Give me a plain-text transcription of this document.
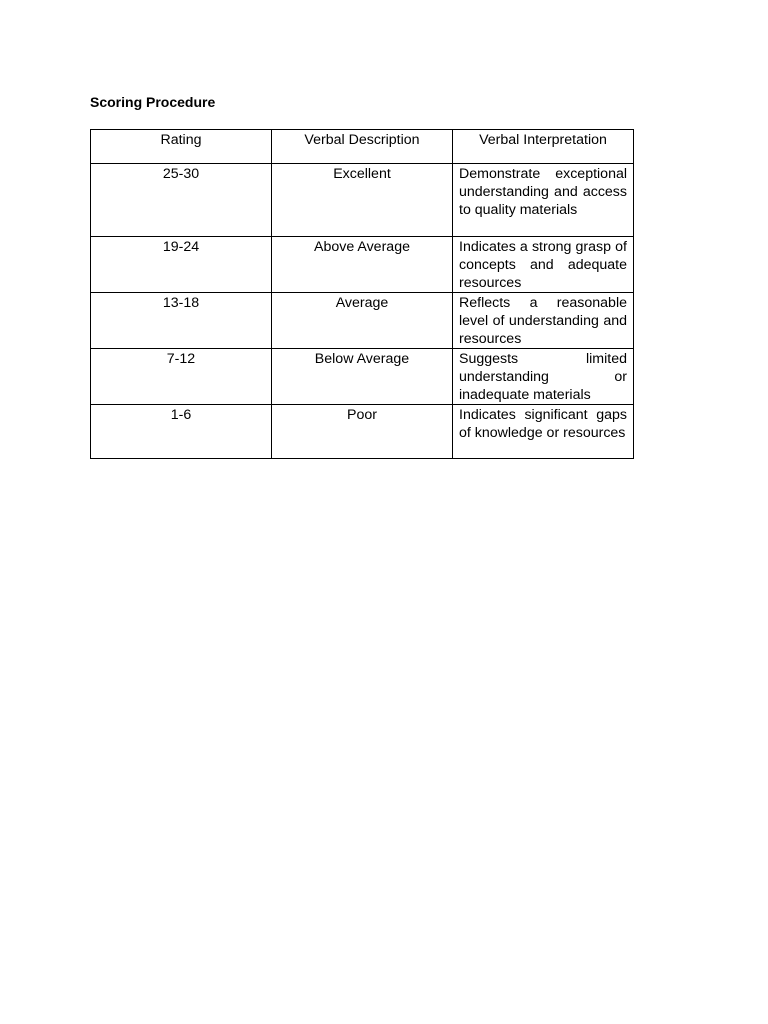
Scoring Procedure
Rating	Verbal Description	Verbal Interpretation
25-30	Excellent	Demonstrate exceptional understanding and access to quality materials
19-24	Above Average	Indicates a strong grasp of concepts and adequate resources
13-18	Average	Reflects a reasonable level of understanding and resources
7-12	Below Average	Suggests limited understanding or inadequate materials
1-6	Poor	Indicates significant gaps of knowledge or resources
